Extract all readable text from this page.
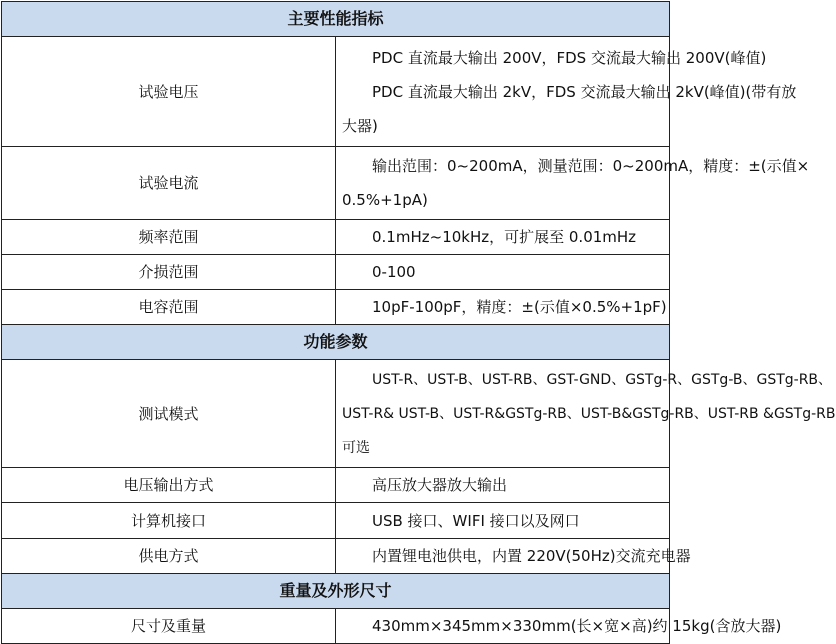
主要性能指标	
试验电压	PDC 直流最大输出 200V，FDS 交流最大输出 200V(峰值)
PDC 直流最大输出 2kV，FDS 交流最大输出 2kV(峰值)(带有放
大器)

试验电流	输出范围：0~200mA，测量范围：0~200mA，精度：±(示值×
0.5%+1pA)

频率范围	0.1mHz~10kHz，可扩展至 0.01mHz

介损范围	0-100

电容范围	10pF-100pF，精度：±(示值×0.5%+1pF)

功能参数	
测试模式	UST-R、UST-B、UST-RB、GST-GND、GSTg-R、GSTg-B、GSTg-RB、
UST-R& UST-B、UST-R&GSTg-RB、UST-B&GSTg-RB、UST-RB &GSTg-RB
可选

电压输出方式	高压放大器放大输出

计算机接口	USB 接口、WIFI 接口以及网口

供电方式	内置锂电池供电，内置 220V(50Hz)交流充电器

重量及外形尺寸	
尺寸及重量	430mm×345mm×330mm(长×宽×高)约 15kg(含放大器)
